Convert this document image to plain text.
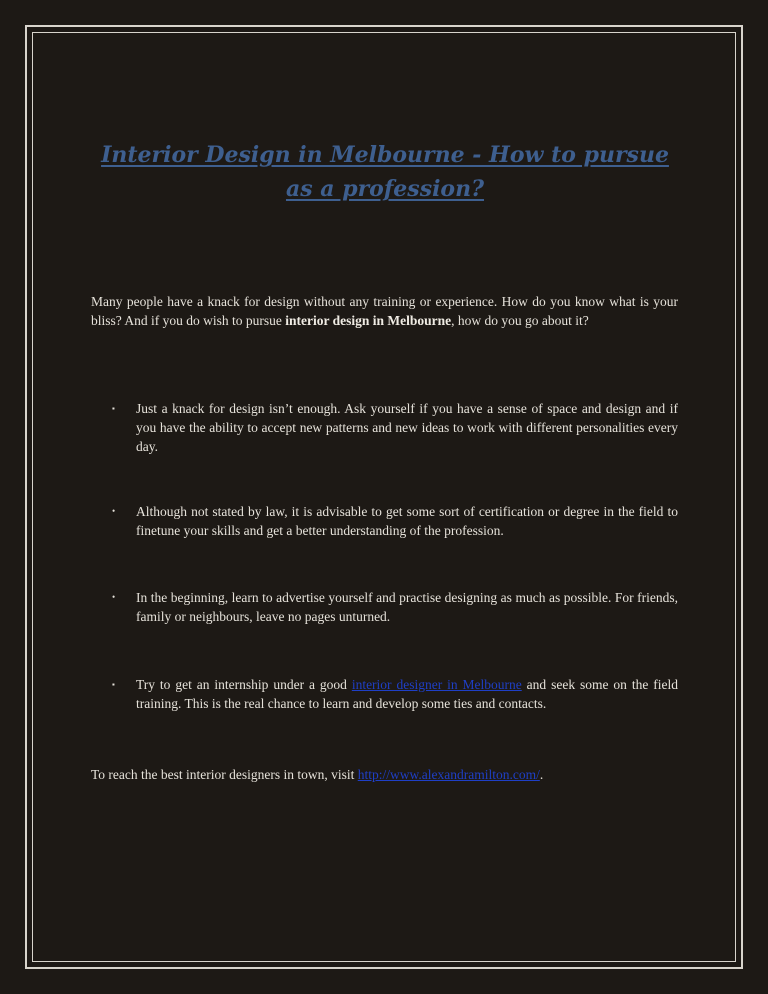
Interior Design in Melbourne - How to pursue as a profession?
Many people have a knack for design without any training or experience. How do you know what is your bliss? And if you do wish to pursue interior design in Melbourne, how do you go about it?
▪	Just a knack for design isn’t enough. Ask yourself if you have a sense of space and design and if you have the ability to accept new patterns and new ideas to work with different personalities every day.
•	Although not stated by law, it is advisable to get some sort of certification or degree in the field to finetune your skills and get a better understanding of the profession.
•	In the beginning, learn to advertise yourself and practise designing as much as possible. For friends, family or neighbours, leave no pages unturned.
▪	Try to get an internship under a good interior designer in Melbourne and seek some on the field training. This is the real chance to learn and develop some ties and contacts.
To reach the best interior designers in town, visit http://www.alexandramilton.com/.
